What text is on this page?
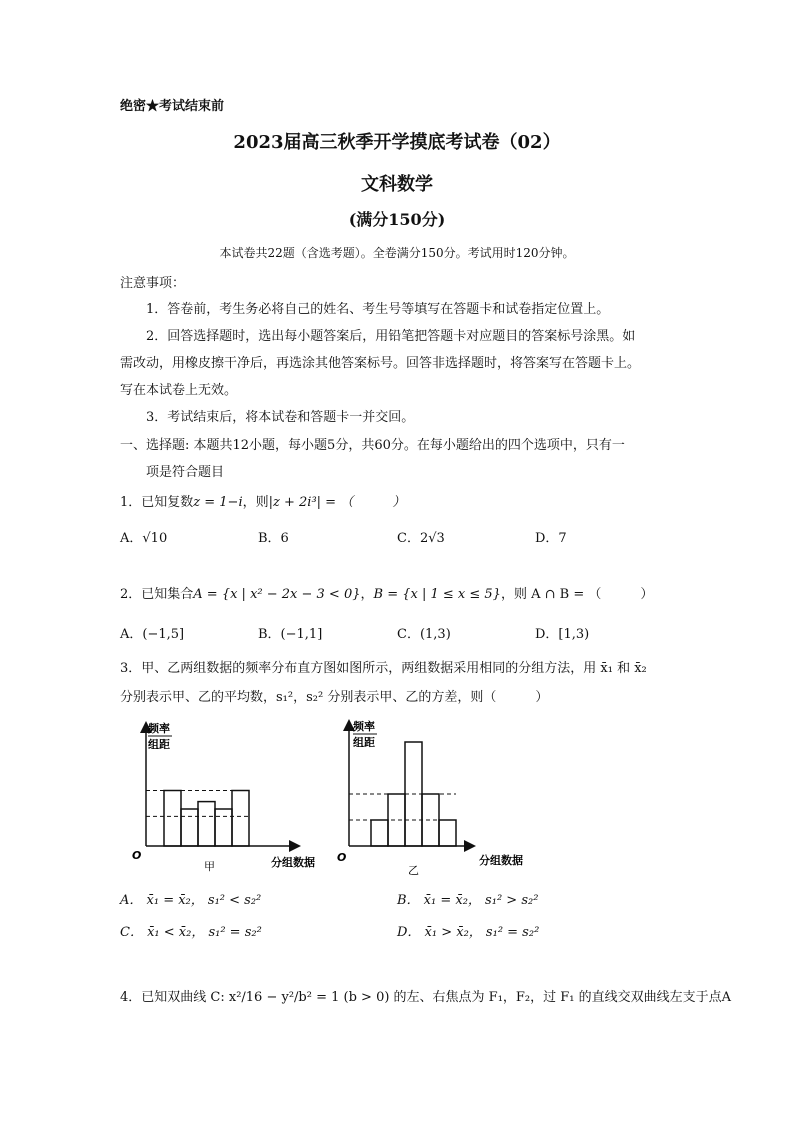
绝密★考试结束前
2023届高三秋季开学摸底考试卷（02）
文科数学
(满分150分)
本试卷共22题（含选考题）。全卷满分150分。考试用时120分钟。
注意事项：
1．答卷前，考生务必将自己的姓名、考生号等填写在答题卡和试卷指定位置上。
2．回答选择题时，选出每小题答案后，用铅笔把答题卡对应题目的答案标号涂黑。如
需改动，用橡皮擦干净后，再选涂其他答案标号。回答非选择题时，将答案写在答题卡上。
写在本试卷上无效。
3．考试结束后，将本试卷和答题卡一并交回。
一、选择题: 本题共12小题，每小题5分，共60分。在每小题给出的四个选项中，只有一
项是符合题目
1．已知复数z = 1−i，则|z + 2i³| = （　　　）
A．√10	B．6	C．2√3	D．7
2．已知集合A = {x | x² − 2x − 3 < 0}，B = {x | 1 ≤ x ≤ 5}，则 A ∩ B = （　　　）
A．(−1,5]	B．(−1,1]	C．(1,3)	D．[1,3)
3．甲、乙两组数据的频率分布直方图如图所示，两组数据采用相同的分组方法，用 x̄₁ 和 x̄₂
分别表示甲、乙的平均数，s₁²，s₂² 分别表示甲、乙的方差，则（　　　）
频率
组距
O
分组数据
甲
频率
组距
O	分组数据
乙
A． x̄₁ = x̄₂， s₁² < s₂²	B． x̄₁ = x̄₂， s₁² > s₂²
C． x̄₁ < x̄₂， s₁² = s₂²	D． x̄₁ > x̄₂， s₁² = s₂²
4．已知双曲线 C: x²/16 − y²/b² = 1 (b > 0) 的左、右焦点为 F₁，F₂，过 F₁ 的直线交双曲线左支于点A
